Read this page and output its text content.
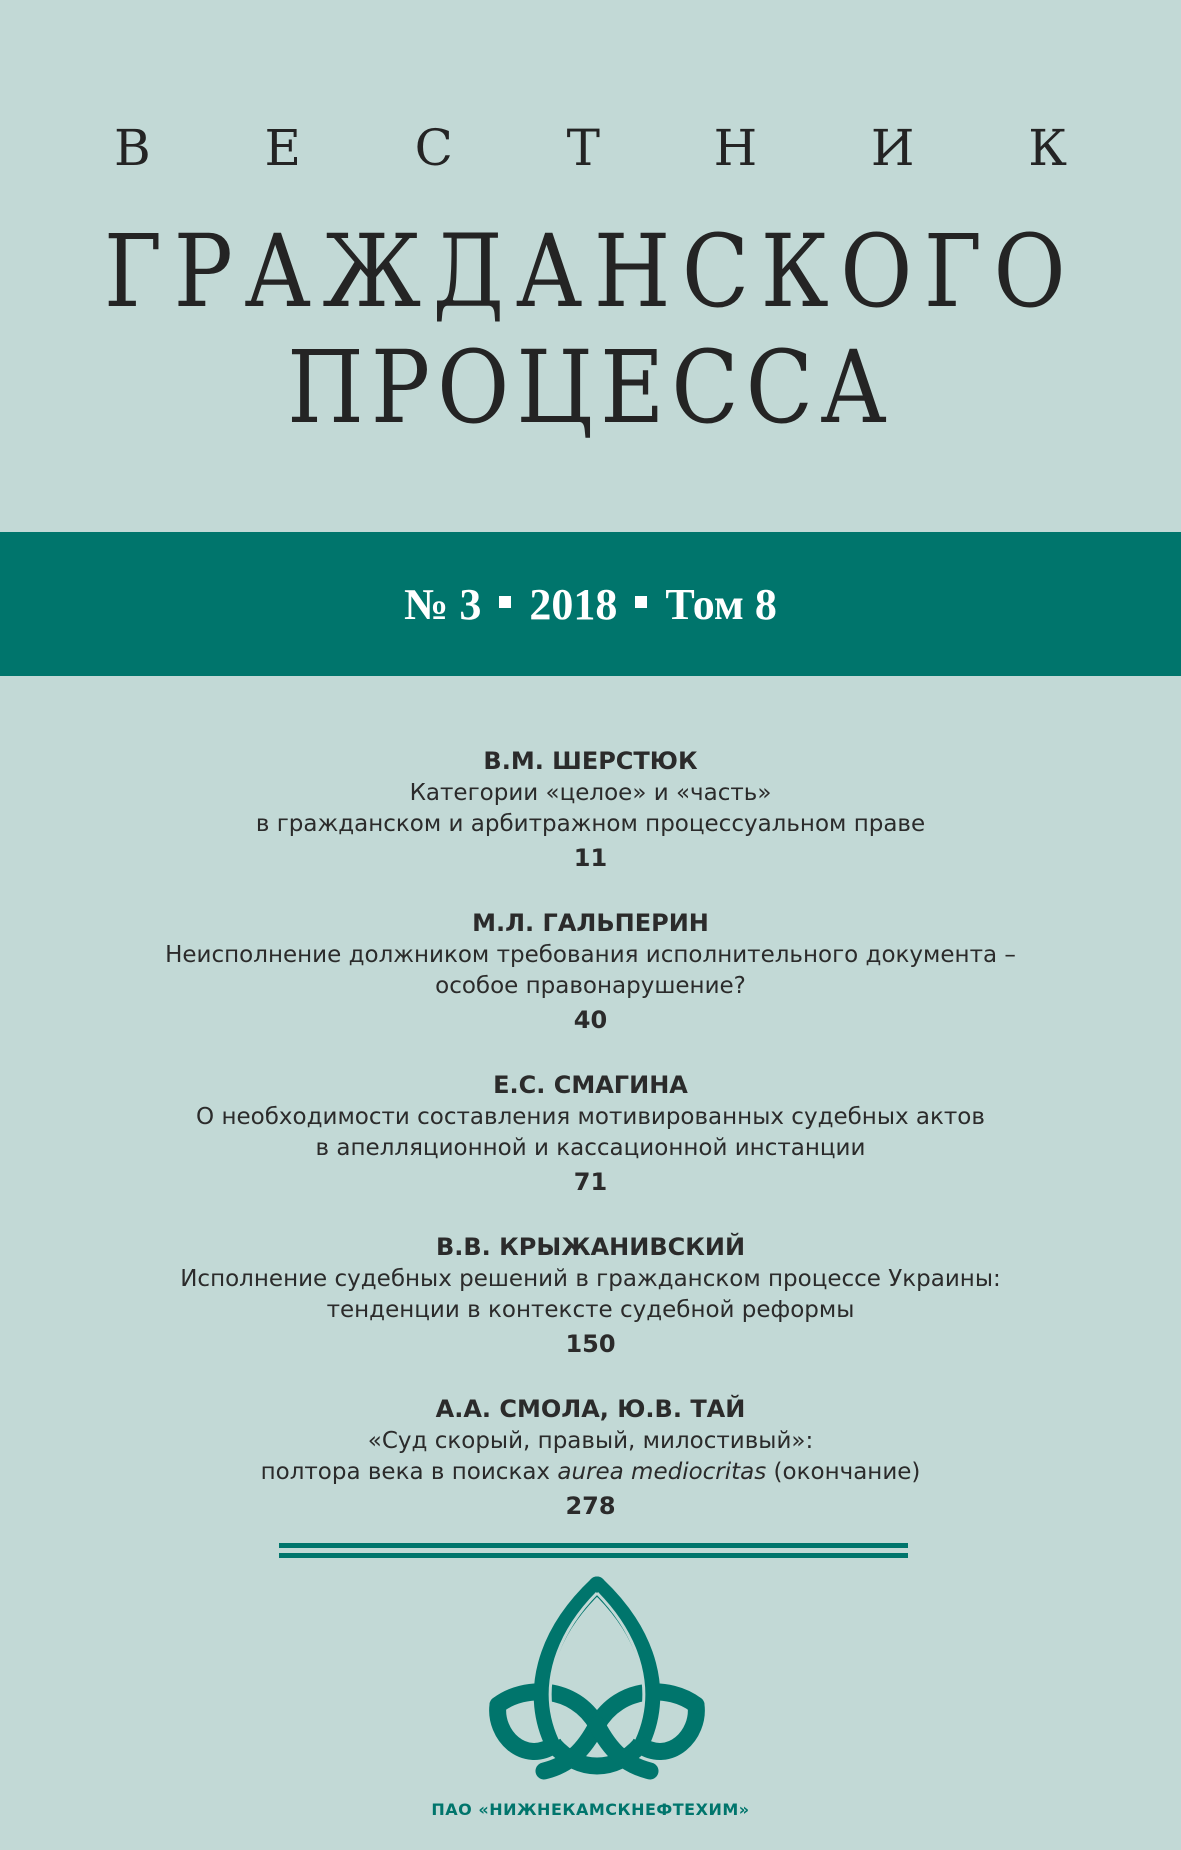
В Е С Т Н И К
ГРАЖДАНСКОГО
ПРОЦЕССА
№ 3 2018 Том 8
В.М. ШЕРСТЮК
Категории «целое» и «часть»
в гражданском и арбитражном процессуальном праве
11
М.Л. ГАЛЬПЕРИН
Неисполнение должником требования исполнительного документа –
особое правонарушение?
40
Е.С. СМАГИНА
О необходимости составления мотивированных судебных актов
в апелляционной и кассационной инстанции
71
В.В. КРЫЖАНИВСКИЙ
Исполнение судебных решений в гражданском процессе Украины:
тенденции в контексте судебной реформы
150
А.А. СМОЛА, Ю.В. ТАЙ
«Суд скорый, правый, милостивый»:
полтора века в поисках aurea mediocritas (окончание)
278
ПАО «НИЖНЕКАМСКНЕФТЕХИМ»
